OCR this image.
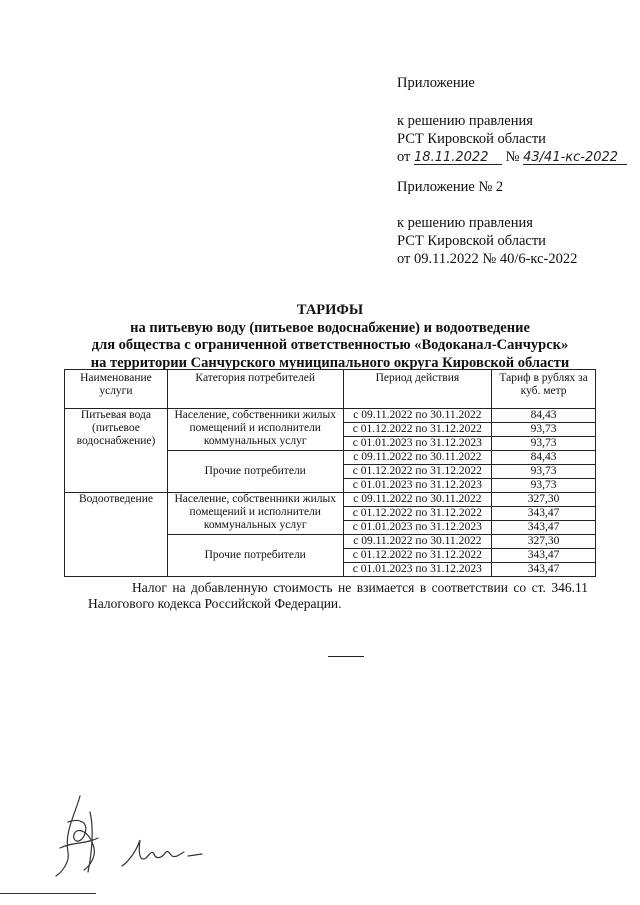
Приложение
к решению правления
РСТ Кировской области
от 18.11.2022 № 43/41-кс-2022
Приложение № 2
к решению правления
РСТ Кировской области
от 09.11.2022 № 40/6-кс-2022
ТАРИФЫ
на питьевую воду (питьевое водоснабжение) и водоотведение
для общества с ограниченной ответственностью «Водоканал-Санчурск»
на территории Санчурского муниципального округа Кировской области
Наименование услуги	Категория потребителей	Период действия	Тариф в рублях за куб. метр
Питьевая вода (питьевое водоснабжение)	Население, собственники жилых помещений и исполнители коммунальных услуг	с 09.11.2022 по 30.11.2022	84,43
		с 01.12.2022 по 31.12.2022	93,73
		с 01.01.2023 по 31.12.2023	93,73
	Прочие потребители	с 09.11.2022 по 30.11.2022	84,43
		с 01.12.2022 по 31.12.2022	93,73
		с 01.01.2023 по 31.12.2023	93,73
Водоотведение	Население, собственники жилых помещений и исполнители коммунальных услуг	с 09.11.2022 по 30.11.2022	327,30
		с 01.12.2022 по 31.12.2022	343,47
		с 01.01.2023 по 31.12.2023	343,47
	Прочие потребители	с 09.11.2022 по 30.11.2022	327,30
		с 01.12.2022 по 31.12.2022	343,47
		с 01.01.2023 по 31.12.2023	343,47
Налог на добавленную стоимость не взимается в соответствии со ст. 346.11
Налогового кодекса Российской Федерации.
